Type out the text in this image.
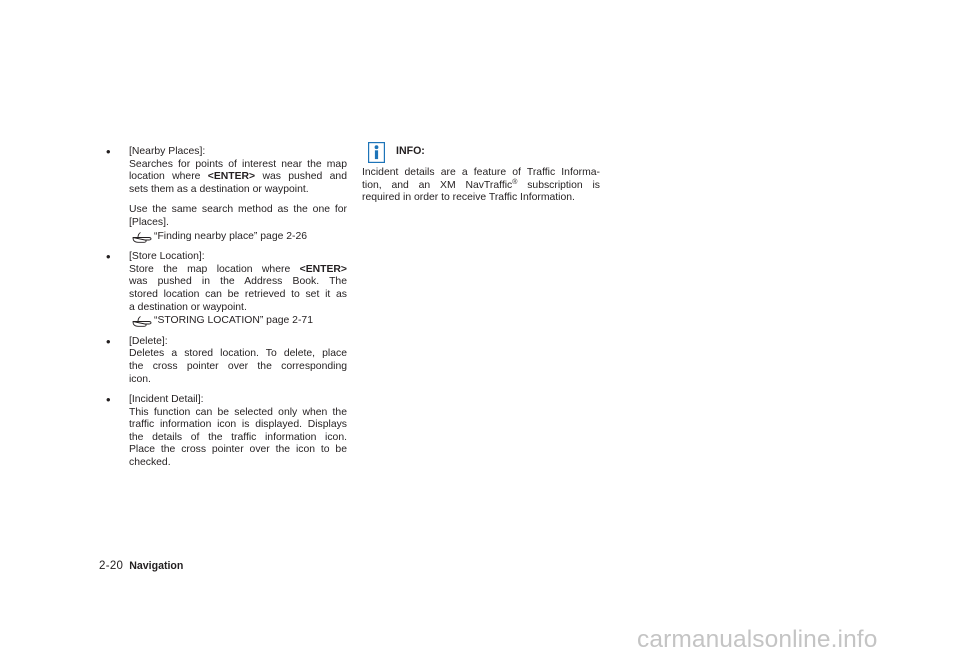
• [Nearby Places]:
Searches for points of interest near the map
location where <ENTER> was pushed and
sets them as a destination or waypoint.
Use the same search method as the one for
[Places].
“Finding nearby place” page 2-26
• [Store Location]:
Store the map location where <ENTER>
was pushed in the Address Book. The
stored location can be retrieved to set it as
a destination or waypoint.
“STORING LOCATION” page 2-71
• [Delete]:
Deletes a stored location. To delete, place
the cross pointer over the corresponding
icon.
• [Incident Detail]:
This function can be selected only when the
traffic information icon is displayed. Displays
the details of the traffic information icon.
Place the cross pointer over the icon to be
checked.
INFO:
Incident details are a feature of Traffic Informa-
tion, and an XM NavTraffic® subscription is
required in order to receive Traffic Information.
2-20 Navigation
carmanualsonline.info
